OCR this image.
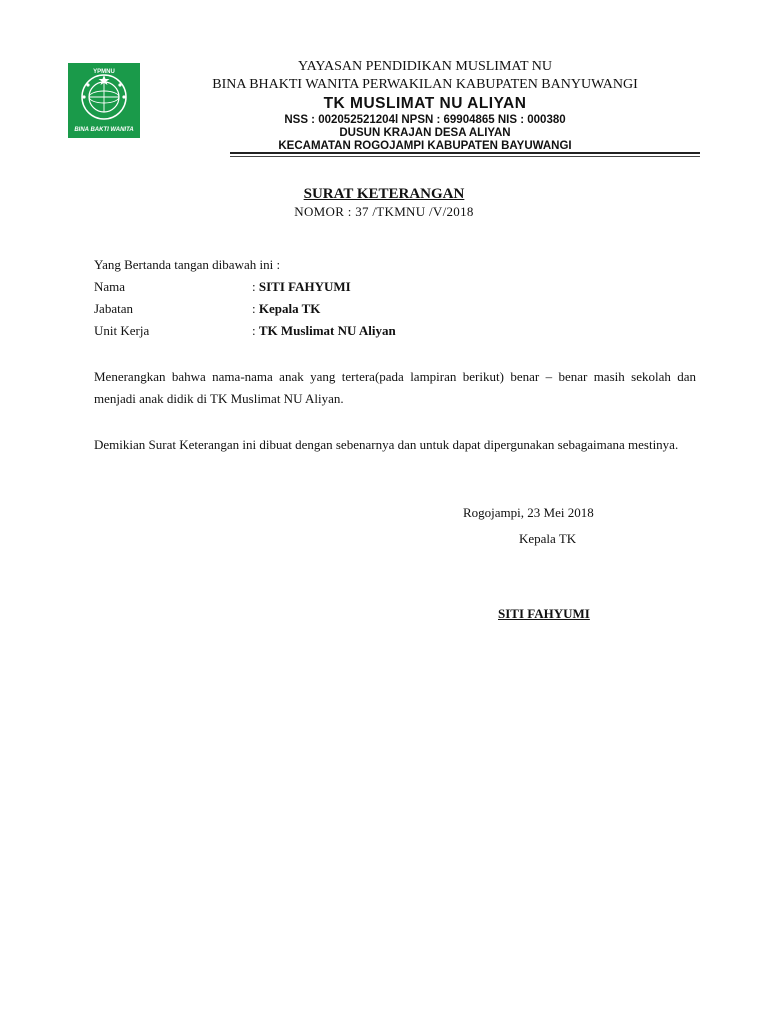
YPMNU
BINA BAKTI WANITA
YAYASAN PENDIDIKAN MUSLIMAT NU
BINA BHAKTI WANITA PERWAKILAN KABUPATEN BANYUWANGI
TK MUSLIMAT NU ALIYAN
NSS : 002052521204l NPSN : 69904865 NIS : 000380
DUSUN KRAJAN DESA ALIYAN
KECAMATAN ROGOJAMPI KABUPATEN BAYUWANGI
SURAT KETERANGAN
NOMOR : 37 /TKMNU /V/2018
Yang Bertanda tangan dibawah ini :
Nama	: SITI FAHYUMI
Jabatan	: Kepala TK
Unit Kerja	: TK Muslimat NU Aliyan
Menerangkan bahwa nama-nama anak yang tertera(pada lampiran berikut) benar – benar masih sekolah dan menjadi anak didik di TK Muslimat NU Aliyan.
Demikian Surat Keterangan ini dibuat dengan sebenarnya dan untuk dapat dipergunakan sebagaimana mestinya.
Rogojampi, 23 Mei 2018
Kepala TK
SITI FAHYUMI
